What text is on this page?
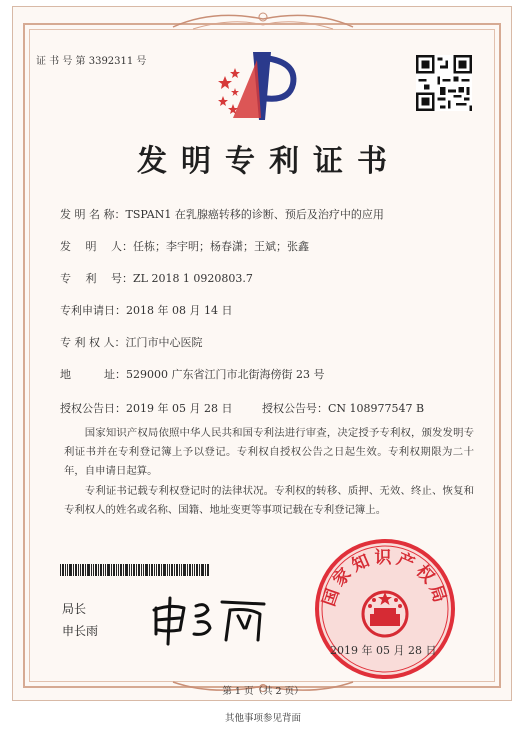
证 书 号 第 3392311 号
发明专利证书
发 明 名 称：TSPAN1 在乳腺癌转移的诊断、预后及治疗中的应用
发　 明　 人：任栋；李宇明；杨春潇；王斌；张鑫
专　 利　 号：ZL 2018 1 0920803.7
专利申请日：2018 年 08 月 14 日
专 利 权 人：江门市中心医院
地　　　址：529000 广东省江门市北街海傍街 23 号
授权公告日：2019 年 05 月 28 日	授权公告号：CN 108977547 B
国家知识产权局依照中华人民共和国专利法进行审查，决定授予专利权，颁发发明专利证书并在专利登记簿上予以登记。专利权自授权公告之日起生效。专利权期限为二十年，自申请日起算。
专利证书记载专利权登记时的法律状况。专利权的转移、质押、无效、终止、恢复和专利权人的姓名或名称、国籍、地址变更等事项记载在专利登记簿上。
局长
申长雨
国家知识产权局
2019 年 05 月 28 日
第 1 页（共 2 页）
其他事项参见背面
